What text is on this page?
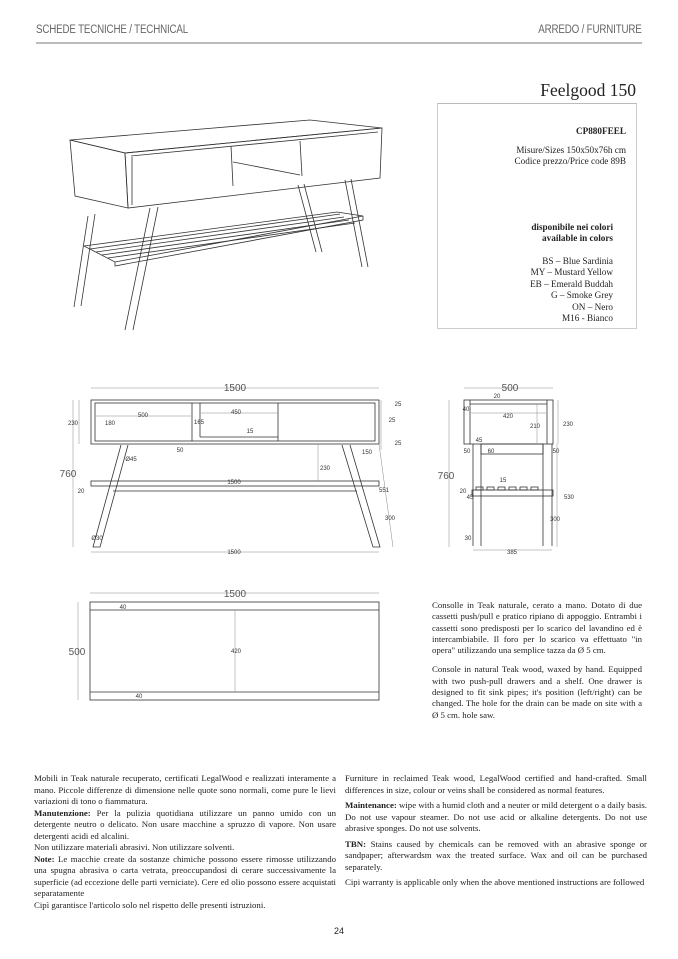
SCHEDE TECNICHE / TECHNICAL	ARREDO / FURNITURE
Feelgood 150
CP880FEEL
Misure/Sizes 150x50x76h cm
Codice prezzo/Price code 89B
disponibile nei colori
available in colors
BS – Blue Sardinia
MY – Mustard Yellow
EB – Emerald Buddah
G – Smoke Grey
ON – Nero
M16 - Bianco
1500
500	450
180	165
15
25
25
25
50
Ø45
150
230
230
760
20
1500
551
300
Ø30
1500
500
20
40
420
210	230
45
50	60	50
760	15
20
45	530
300
30
385
1500
500
40
420
40

Consolle in Teak naturale, cerato a mano. Dotato di due cassetti push/pull e pratico ripiano di appoggio. Entrambi i cassetti sono predisposti per lo scarico del lavandino ed è intercambiabile. Il foro per lo scarico va effettuato "in opera" utilizzando una semplice tazza da Ø 5 cm.

Console in natural Teak wood, waxed by hand. Equipped with two push-pull drawers and a shelf. One drawer is designed to fit sink pipes; it's position (left/right) can be changed. The hole for the drain can be made on site with a Ø 5 cm. hole saw.

Mobili in Teak naturale recuperato, certificati LegalWood e realizzati interamente a mano. Piccole differenze di dimensione nelle quote sono normali, come pure le lievi variazioni di tono o fiammatura.

Manutenzione: Per la pulizia quotidiana utilizzare un panno umido con un detergente neutro o delicato. Non usare macchine a spruzzo di vapore. Non usare detergenti acidi ed alcalini.

Non utilizzare materiali abrasivi. Non utilizzare solventi.

Note: Le macchie create da sostanze chimiche possono essere rimosse utilizzando una spugna abrasiva o carta vetrata, preoccupandosi di cerare successivamente la superficie (ad eccezione delle parti verniciate). Cere ed olio possono essere acquistati separatamente

Cipì garantisce l'articolo solo nel rispetto delle presenti istruzioni.

Furniture in reclaimed Teak wood, LegalWood certified and hand-crafted. Small differences in size, colour or veins shall be considered as normal features.

Maintenance: wipe with a humid cloth and a neuter or mild detergent o a daily basis. Do not use vapour steamer. Do not use acid or alkaline detergents. Do not use abrasive sponges. Do not use solvents.

TBN: Stains caused by chemicals can be removed with an abrasive sponge or sandpaper; afterwardsm wax the treated surface. Wax and oil can be purchased separately.

Cipi warranty is applicable only when the above mentioned instructions are followed

24
